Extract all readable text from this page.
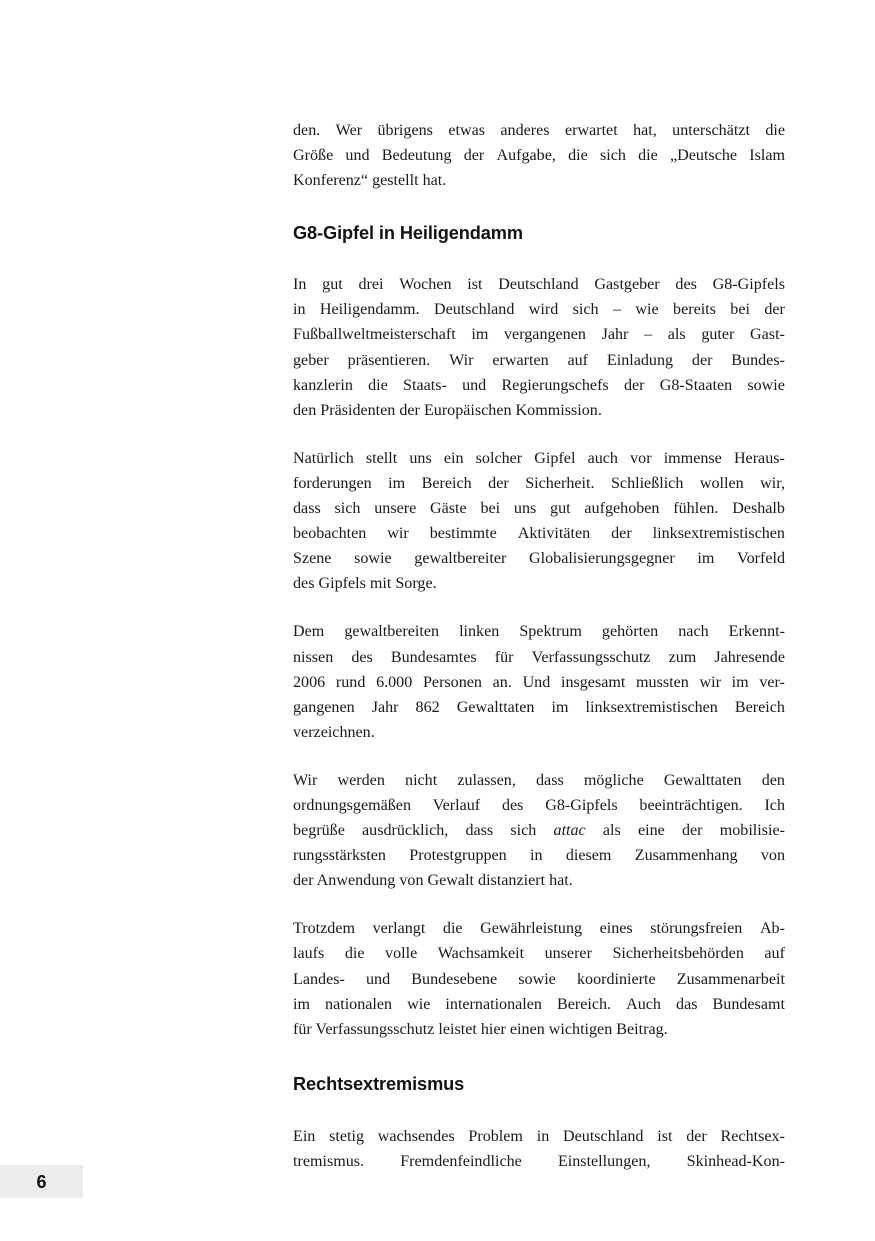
den. Wer übrigens etwas anderes erwartet hat, unterschätzt die
Größe und Bedeutung der Aufgabe, die sich die „Deutsche Islam
Konferenz“ gestellt hat.
G8-Gipfel in Heiligendamm
In gut drei Wochen ist Deutschland Gastgeber des G8-Gipfels
in Heiligendamm. Deutschland wird sich – wie bereits bei der
Fußballweltmeisterschaft im vergangenen Jahr – als guter Gast-
geber präsentieren. Wir erwarten auf Einladung der Bundes-
kanzlerin die Staats- und Regierungschefs der G8-Staaten sowie
den Präsidenten der Europäischen Kommission.
Natürlich stellt uns ein solcher Gipfel auch vor immense Heraus-
forderungen im Bereich der Sicherheit. Schließlich wollen wir,
dass sich unsere Gäste bei uns gut aufgehoben fühlen. Deshalb
beobachten wir bestimmte Aktivitäten der linksextremistischen
Szene sowie gewaltbereiter Globalisierungsgegner im Vorfeld
des Gipfels mit Sorge.
Dem gewaltbereiten linken Spektrum gehörten nach Erkennt-
nissen des Bundesamtes für Verfassungsschutz zum Jahresende
2006 rund 6.000 Personen an. Und insgesamt mussten wir im ver-
gangenen Jahr 862 Gewalttaten im linksextremistischen Bereich
verzeichnen.
Wir werden nicht zulassen, dass mögliche Gewalttaten den
ordnungsgemäßen Verlauf des G8-Gipfels beeinträchtigen. Ich
begrüße ausdrücklich, dass sich attac als eine der mobilisie-
rungsstärksten Protestgruppen in diesem Zusammenhang von
der Anwendung von Gewalt distanziert hat.
Trotzdem verlangt die Gewährleistung eines störungsfreien Ab-
laufs die volle Wachsamkeit unserer Sicherheitsbehörden auf
Landes- und Bundesebene sowie koordinierte Zusammenarbeit
im nationalen wie internationalen Bereich. Auch das Bundesamt
für Verfassungsschutz leistet hier einen wichtigen Beitrag.
Rechtsextremismus
Ein stetig wachsendes Problem in Deutschland ist der Rechtsex-
tremismus. Fremdenfeindliche Einstellungen, Skinhead-Kon-
6
